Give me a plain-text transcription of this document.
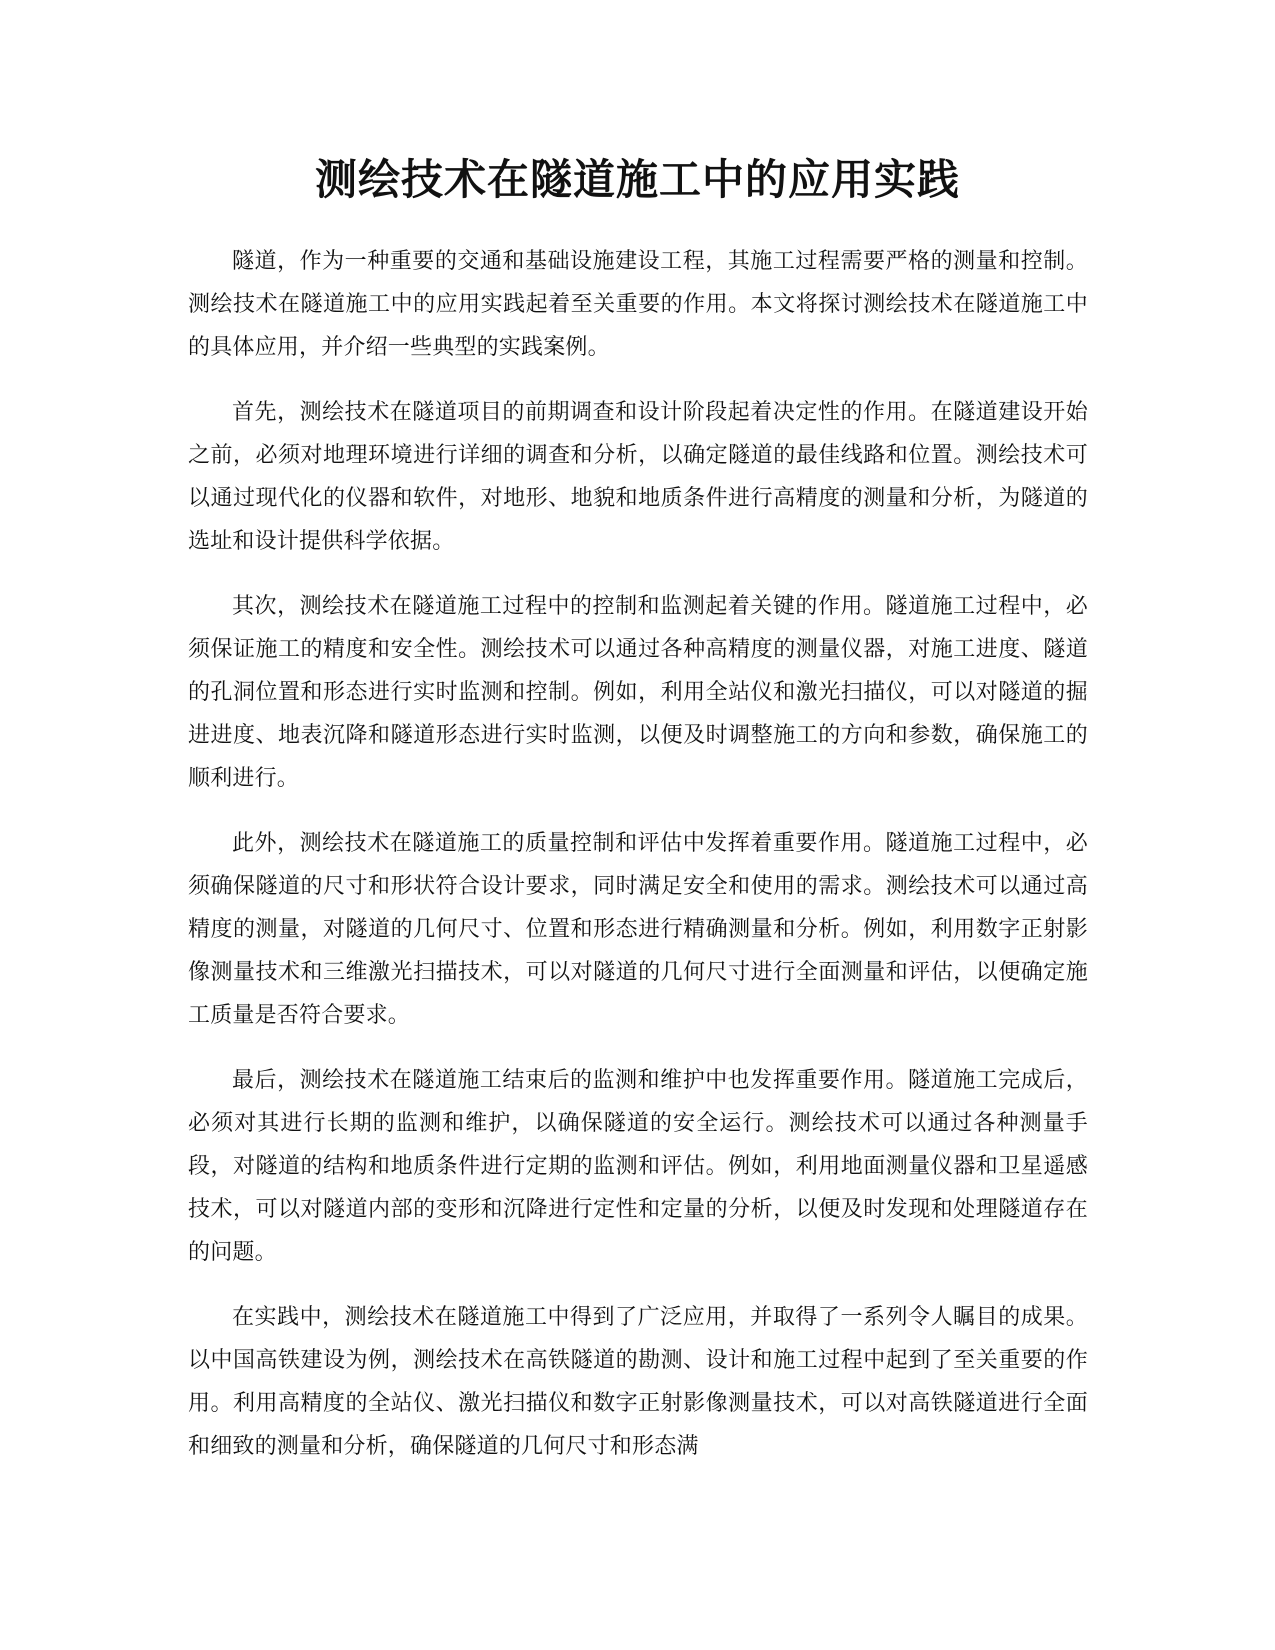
测绘技术在隧道施工中的应用实践

隧道，作为一种重要的交通和基础设施建设工程，其施工过程需要严格的测量和控制。测绘技术在隧道施工中的应用实践起着至关重要的作用。本文将探讨测绘技术在隧道施工中的具体应用，并介绍一些典型的实践案例。

首先，测绘技术在隧道项目的前期调查和设计阶段起着决定性的作用。在隧道建设开始之前，必须对地理环境进行详细的调查和分析，以确定隧道的最佳线路和位置。测绘技术可以通过现代化的仪器和软件，对地形、地貌和地质条件进行高精度的测量和分析，为隧道的选址和设计提供科学依据。

其次，测绘技术在隧道施工过程中的控制和监测起着关键的作用。隧道施工过程中，必须保证施工的精度和安全性。测绘技术可以通过各种高精度的测量仪器，对施工进度、隧道的孔洞位置和形态进行实时监测和控制。例如，利用全站仪和激光扫描仪，可以对隧道的掘进进度、地表沉降和隧道形态进行实时监测，以便及时调整施工的方向和参数，确保施工的顺利进行。

此外，测绘技术在隧道施工的质量控制和评估中发挥着重要作用。隧道施工过程中，必须确保隧道的尺寸和形状符合设计要求，同时满足安全和使用的需求。测绘技术可以通过高精度的测量，对隧道的几何尺寸、位置和形态进行精确测量和分析。例如，利用数字正射影像测量技术和三维激光扫描技术，可以对隧道的几何尺寸进行全面测量和评估，以便确定施工质量是否符合要求。

最后，测绘技术在隧道施工结束后的监测和维护中也发挥重要作用。隧道施工完成后，必须对其进行长期的监测和维护，以确保隧道的安全运行。测绘技术可以通过各种测量手段，对隧道的结构和地质条件进行定期的监测和评估。例如，利用地面测量仪器和卫星遥感技术，可以对隧道内部的变形和沉降进行定性和定量的分析，以便及时发现和处理隧道存在的问题。

在实践中，测绘技术在隧道施工中得到了广泛应用，并取得了一系列令人瞩目的成果。以中国高铁建设为例，测绘技术在高铁隧道的勘测、设计和施工过程中起到了至关重要的作用。利用高精度的全站仪、激光扫描仪和数字正射影像测量技术，可以对高铁隧道进行全面和细致的测量和分析，确保隧道的几何尺寸和形态满
